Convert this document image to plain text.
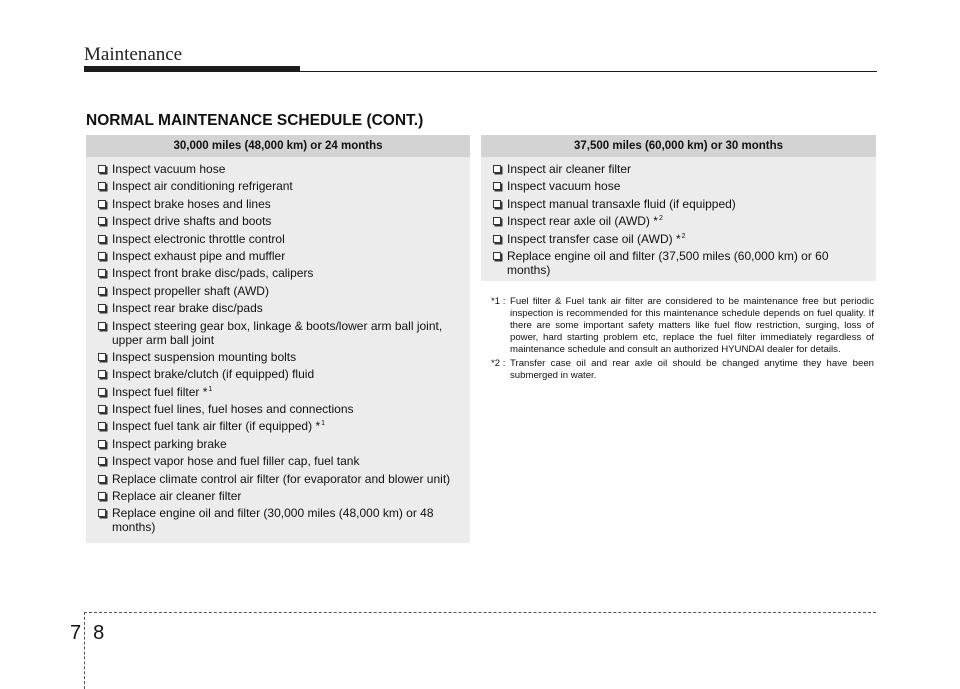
Maintenance
NORMAL MAINTENANCE SCHEDULE (CONT.)
30,000 miles (48,000 km) or 24 months
Inspect vacuum hose
Inspect air conditioning refrigerant
Inspect brake hoses and lines
Inspect drive shafts and boots
Inspect electronic throttle control
Inspect exhaust pipe and muffler
Inspect front brake disc/pads, calipers
Inspect propeller shaft (AWD)
Inspect rear brake disc/pads
Inspect steering gear box, linkage & boots/lower arm ball joint, upper arm ball joint
Inspect suspension mounting bolts
Inspect brake/clutch (if equipped) fluid
Inspect fuel filter *$^1$
Inspect fuel lines, fuel hoses and connections
Inspect fuel tank air filter (if equipped) *$^1$
Inspect parking brake
Inspect vapor hose and fuel filler cap, fuel tank
Replace climate control air filter (for evaporator and blower unit)
Replace air cleaner filter
Replace engine oil and filter (30,000 miles (48,000 km) or 48 months)
37,500 miles (60,000 km) or 30 months
Inspect air cleaner filter
Inspect vacuum hose
Inspect manual transaxle fluid (if equipped)
Inspect rear axle oil (AWD) *$^2$
Inspect transfer case oil (AWD) *$^2$
Replace engine oil and filter (37,500 miles (60,000 km) or 60 months)
*1 : Fuel filter & Fuel tank air filter are considered to be maintenance free but periodic inspection is recommended for this maintenance schedule depends on fuel quality. If there are some important safety matters like fuel flow restriction, surging, loss of power, hard starting problem etc, replace the fuel filter immediately regardless of maintenance schedule and consult an authorized HYUNDAI dealer for details.
*2 : Transfer case oil and rear axle oil should be changed anytime they have been submerged in water.
78
